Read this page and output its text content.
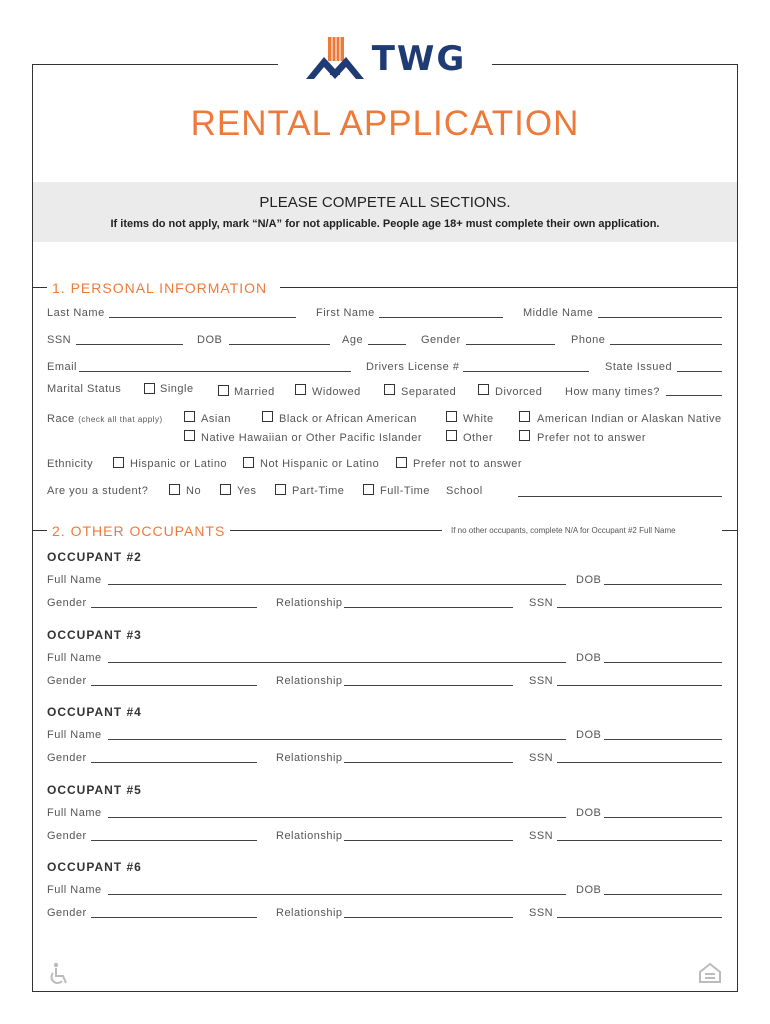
TWG
RENTAL APPLICATION
PLEASE COMPETE ALL SECTIONS.
If items do not apply, mark “N/A” for not applicable. People age 18+ must complete their own application.
1. PERSONAL INFORMATION
Last Name	First Name	Middle Name
SSN	DOB	Age	Gender	Phone
Email	Drivers License #	State Issued
Marital Status	Single	Married	Widowed	Separated	Divorced How many times?
Race (check all that apply)	Asian	Black or African American	White	American Indian or Alaskan Native
Native Hawaiian or Other Pacific Islander	Other	Prefer not to answer
Ethnicity	Hispanic or Latino	Not Hispanic or Latino	Prefer not to answer
Are you a student?	No	Yes	Part-Time	Full-Time School
2. OTHER OCCUPANTS	If no other occupants, complete N/A for Occupant #2 Full Name
OCCUPANT #2
Full Name	DOB
Gender	Relationship	SSN
OCCUPANT #3
Full Name	DOB
Gender	Relationship	SSN
OCCUPANT #4
Full Name	DOB
Gender	Relationship	SSN
OCCUPANT #5
Full Name	DOB
Gender	Relationship	SSN
OCCUPANT #6
Full Name	DOB
Gender	Relationship	SSN
